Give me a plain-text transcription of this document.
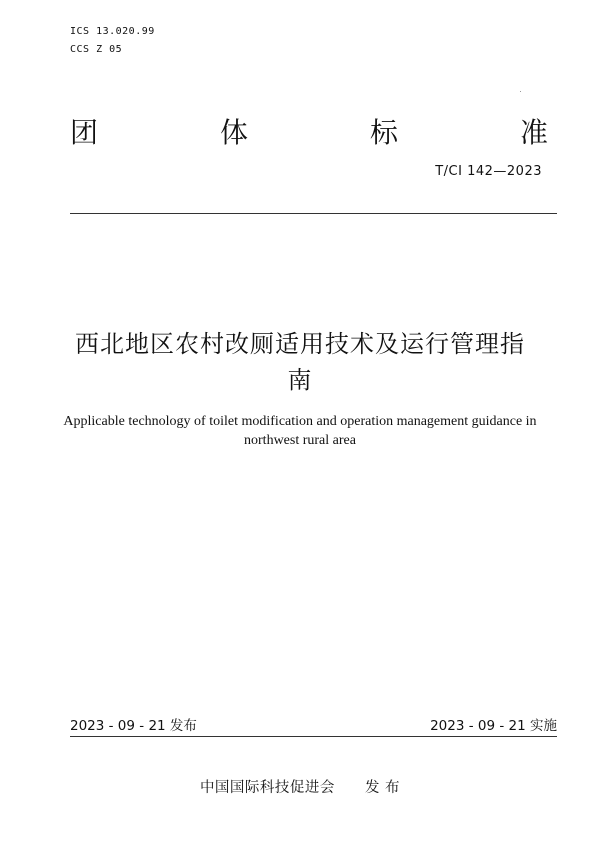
ICS 13.020.99
CCS Z 05
团	体	标	准
T/CI 142—2023
西北地区农村改厕适用技术及运行管理指
南
Applicable technology of toilet modification and operation management guidance in
northwest rural area
2023 - 09 - 21 发布	2023 - 09 - 21 实施
中国国际科技促进会 发 布
